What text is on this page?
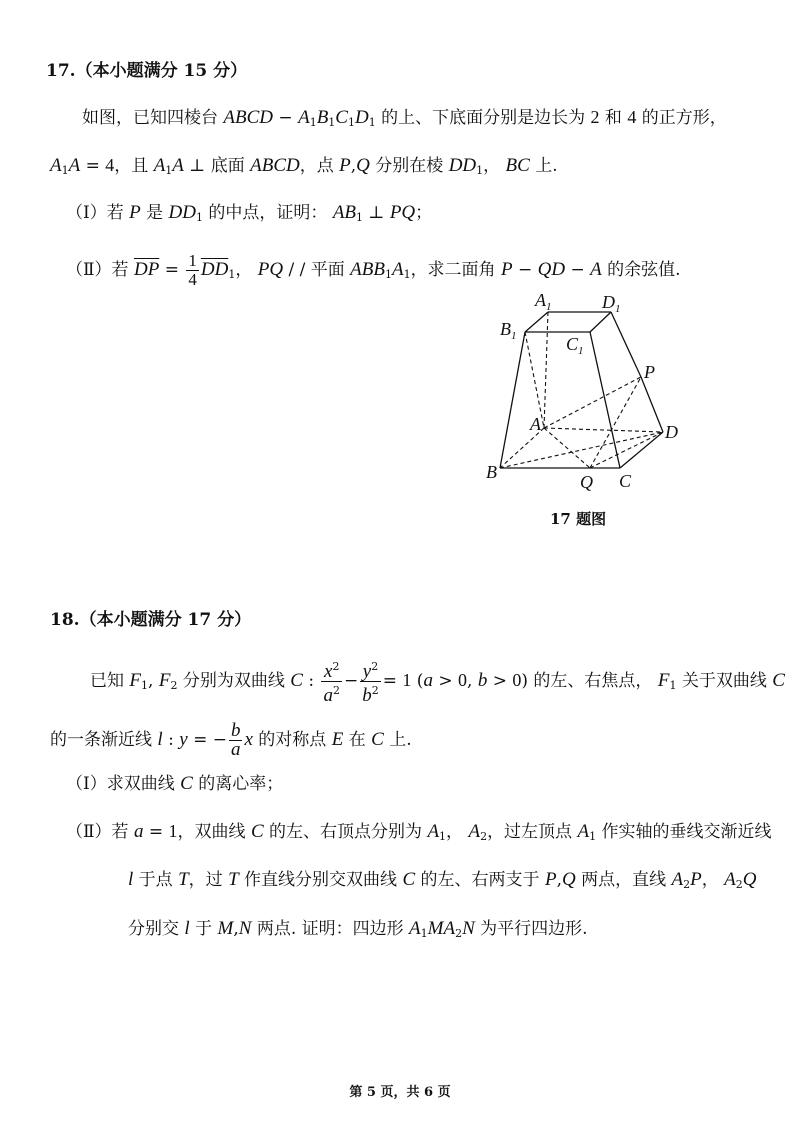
17.（本小题满分 15 分）
如图，已知四棱台 ABCD − $A_1B_1C_1D_1$ 的上、下底面分别是边长为 2 和 4 的正方形，
$A_1A = 4$，且 $A_1A$ ⊥ 底面 ABCD，点 P,Q 分别在棱 $DD_1$， BC 上.
（Ⅰ）若 P 是 $DD_1$ 的中点，证明： $AB_1$ ⊥ PQ；
（Ⅱ）若 $\overline{DP} = \frac{1}{4} \overline{DD}_1$， PQ / / 平面 $ABB_1A_1$，求二面角 P − QD − A 的余弦值.
$A_1$	$D_1$
$B_1$	$C_1$
P
A	D
B	Q C
17 题图
18.（本小题满分 17 分）
已知 $F_1$, $F_2$ 分别为双曲线 C : $\frac{x^2}{a^2} - \frac{y^2}{b^2} = 1$ (a > 0, b > 0) 的左、右焦点， $F_1$ 关于双曲线 C
的一条渐近线 l : y = − $\frac{b}{a}$ x 的对称点 E 在 C 上.
（Ⅰ）求双曲线 C 的离心率；
（Ⅱ）若 a = 1，双曲线 C 的左、右顶点分别为 $A_1$， $A_2$，过左顶点 $A_1$ 作实轴的垂线交渐近线
l 于点 T，过 T 作直线分别交双曲线 C 的左、右两支于 P,Q 两点，直线 $A_2P$， $A_2Q$
分别交 l 于 M,N 两点. 证明：四边形 $A_1MA_2N$ 为平行四边形.
第 5 页，共 6 页
